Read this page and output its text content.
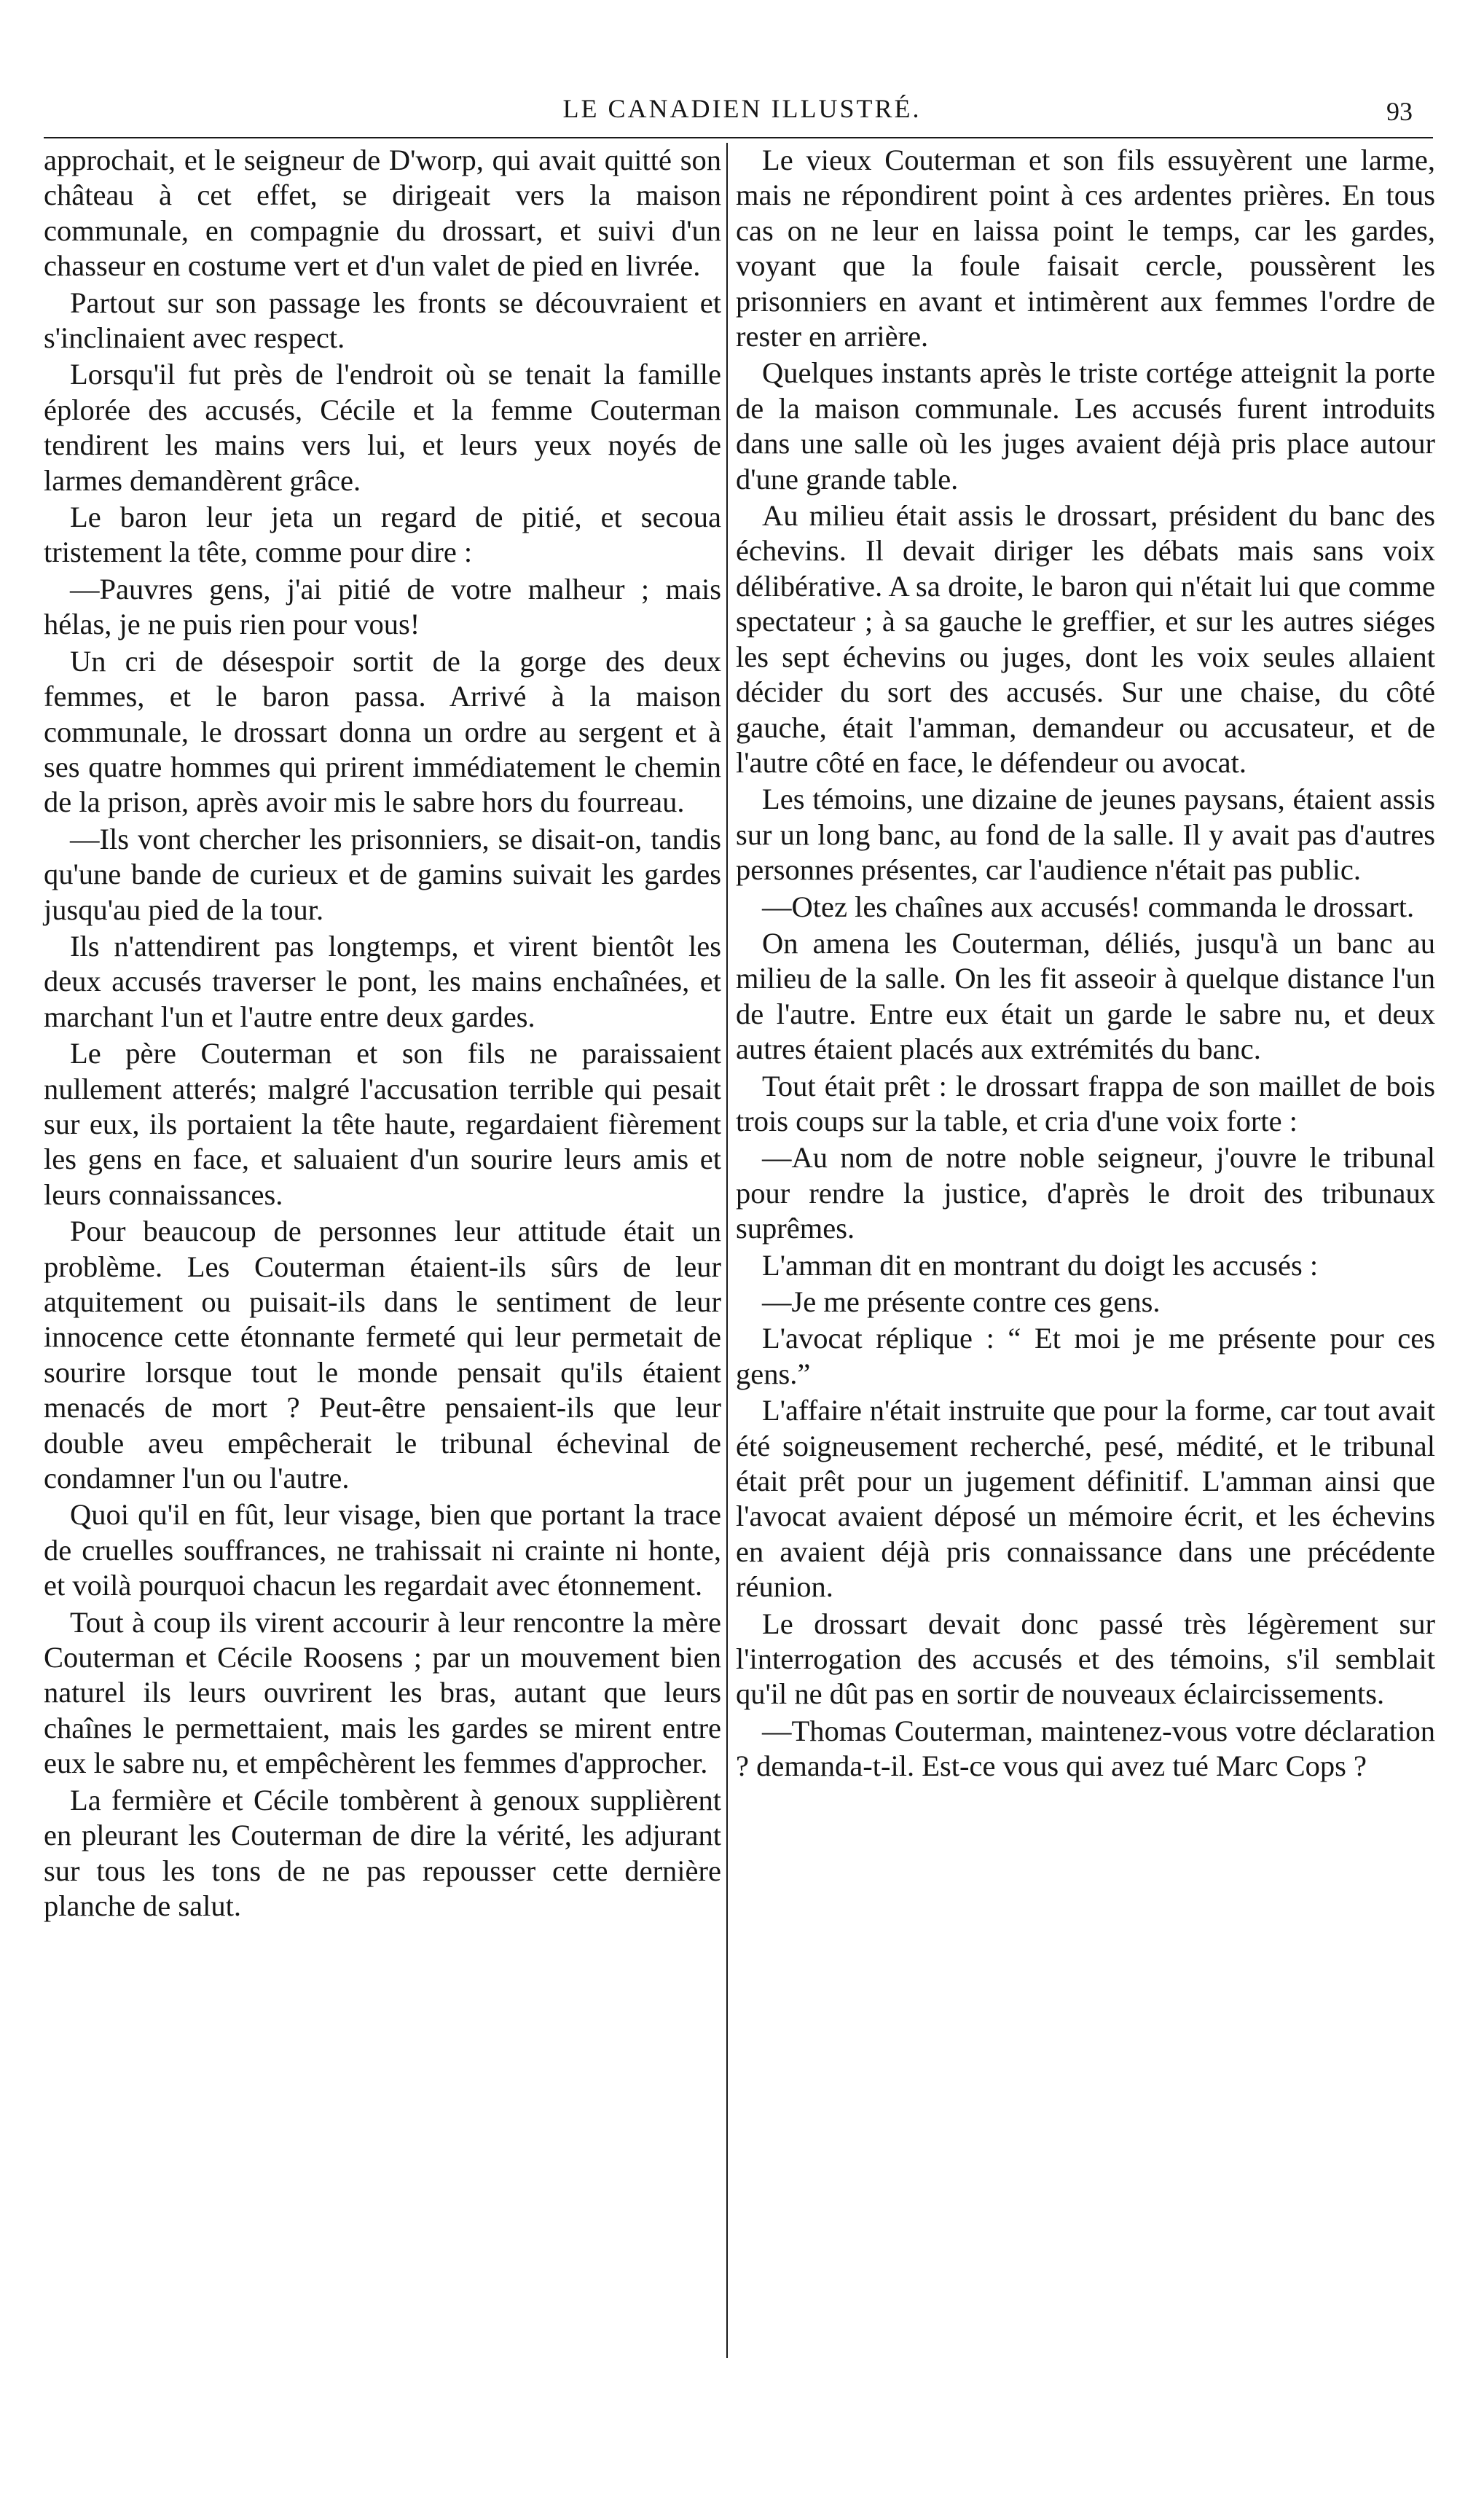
LE CANADIEN ILLUSTRÉ.	93

approchait, et le seigneur de D'worp, qui avait quitté son château à cet effet, se dirigeait vers la maison communale, en compagnie du drossart, et suivi d'un chasseur en costume vert et d'un valet de pied en livrée.

Partout sur son passage les fronts se découvraient et s'inclinaient avec respect.

Lorsqu'il fut près de l'endroit où se tenait la famille éplorée des accusés, Cécile et la femme Couterman tendirent les mains vers lui, et leurs yeux noyés de larmes demandèrent grâce.

Le baron leur jeta un regard de pitié, et secoua tristement la tête, comme pour dire :

—Pauvres gens, j'ai pitié de votre malheur ; mais hélas, je ne puis rien pour vous!

Un cri de désespoir sortit de la gorge des deux femmes, et le baron passa. Arrivé à la maison communale, le drossart donna un ordre au sergent et à ses quatre hommes qui prirent immédiatement le chemin de la prison, après avoir mis le sabre hors du fourreau.

—Ils vont chercher les prisonniers, se disait-on, tandis qu'une bande de curieux et de gamins suivait les gardes jusqu'au pied de la tour.

Ils n'attendirent pas longtemps, et virent bientôt les deux accusés traverser le pont, les mains enchaînées, et marchant l'un et l'autre entre deux gardes.

Le père Couterman et son fils ne paraissaient nullement atterés; malgré l'accusation terrible qui pesait sur eux, ils portaient la tête haute, regardaient fièrement les gens en face, et saluaient d'un sourire leurs amis et leurs connaissances.

Pour beaucoup de personnes leur attitude était un problème. Les Couterman étaient-ils sûrs de leur atquitement ou puisait-ils dans le sentiment de leur innocence cette étonnante fermeté qui leur permetait de sourire lorsque tout le monde pensait qu'ils étaient menacés de mort ? Peut-être pensaient-ils que leur double aveu empêcherait le tribunal échevinal de condamner l'un ou l'autre.

Quoi qu'il en fût, leur visage, bien que portant la trace de cruelles souffrances, ne trahissait ni crainte ni honte, et voilà pourquoi chacun les regardait avec étonnement.

Tout à coup ils virent accourir à leur rencontre la mère Couterman et Cécile Roosens ; par un mouvement bien naturel ils leurs ouvrirent les bras, autant que leurs chaînes le permettaient, mais les gardes se mirent entre eux le sabre nu, et empêchèrent les femmes d'approcher.

La fermière et Cécile tombèrent à genoux supplièrent en pleurant les Couterman de dire la vérité, les adjurant sur tous les tons de ne pas repousser cette dernière planche de salut.

Le vieux Couterman et son fils essuyèrent une larme, mais ne répondirent point à ces ardentes prières. En tous cas on ne leur en laissa point le temps, car les gardes, voyant que la foule faisait cercle, poussèrent les prisonniers en avant et intimèrent aux femmes l'ordre de rester en arrière.

Quelques instants après le triste cortége atteignit la porte de la maison communale. Les accusés furent introduits dans une salle où les juges avaient déjà pris place autour d'une grande table.

Au milieu était assis le drossart, président du banc des échevins. Il devait diriger les débats mais sans voix délibérative. A sa droite, le baron qui n'était lui que comme spectateur ; à sa gauche le greffier, et sur les autres siéges les sept échevins ou juges, dont les voix seules allaient décider du sort des accusés. Sur une chaise, du côté gauche, était l'amman, demandeur ou accusateur, et de l'autre côté en face, le défendeur ou avocat.

Les témoins, une dizaine de jeunes paysans, étaient assis sur un long banc, au fond de la salle. Il y avait pas d'autres personnes présentes, car l'audience n'était pas public.

—Otez les chaînes aux accusés! commanda le drossart.

On amena les Couterman, déliés, jusqu'à un banc au milieu de la salle. On les fit asseoir à quelque distance l'un de l'autre. Entre eux était un garde le sabre nu, et deux autres étaient placés aux extrémités du banc.

Tout était prêt : le drossart frappa de son maillet de bois trois coups sur la table, et cria d'une voix forte :

—Au nom de notre noble seigneur, j'ouvre le tribunal pour rendre la justice, d'après le droit des tribunaux suprêmes.

L'amman dit en montrant du doigt les accusés :

—Je me présente contre ces gens.

L'avocat réplique : “ Et moi je me présente pour ces gens.”

L'affaire n'était instruite que pour la forme, car tout avait été soigneusement recherché, pesé, médité, et le tribunal était prêt pour un jugement définitif. L'amman ainsi que l'avocat avaient déposé un mémoire écrit, et les échevins en avaient déjà pris connaissance dans une précédente réunion.

Le drossart devait donc passé très légèrement sur l'interrogation des accusés et des témoins, s'il semblait qu'il ne dût pas en sortir de nouveaux éclaircissements.

—Thomas Couterman, maintenez-vous votre déclaration ? demanda-t-il. Est-ce vous qui avez tué Marc Cops ?
